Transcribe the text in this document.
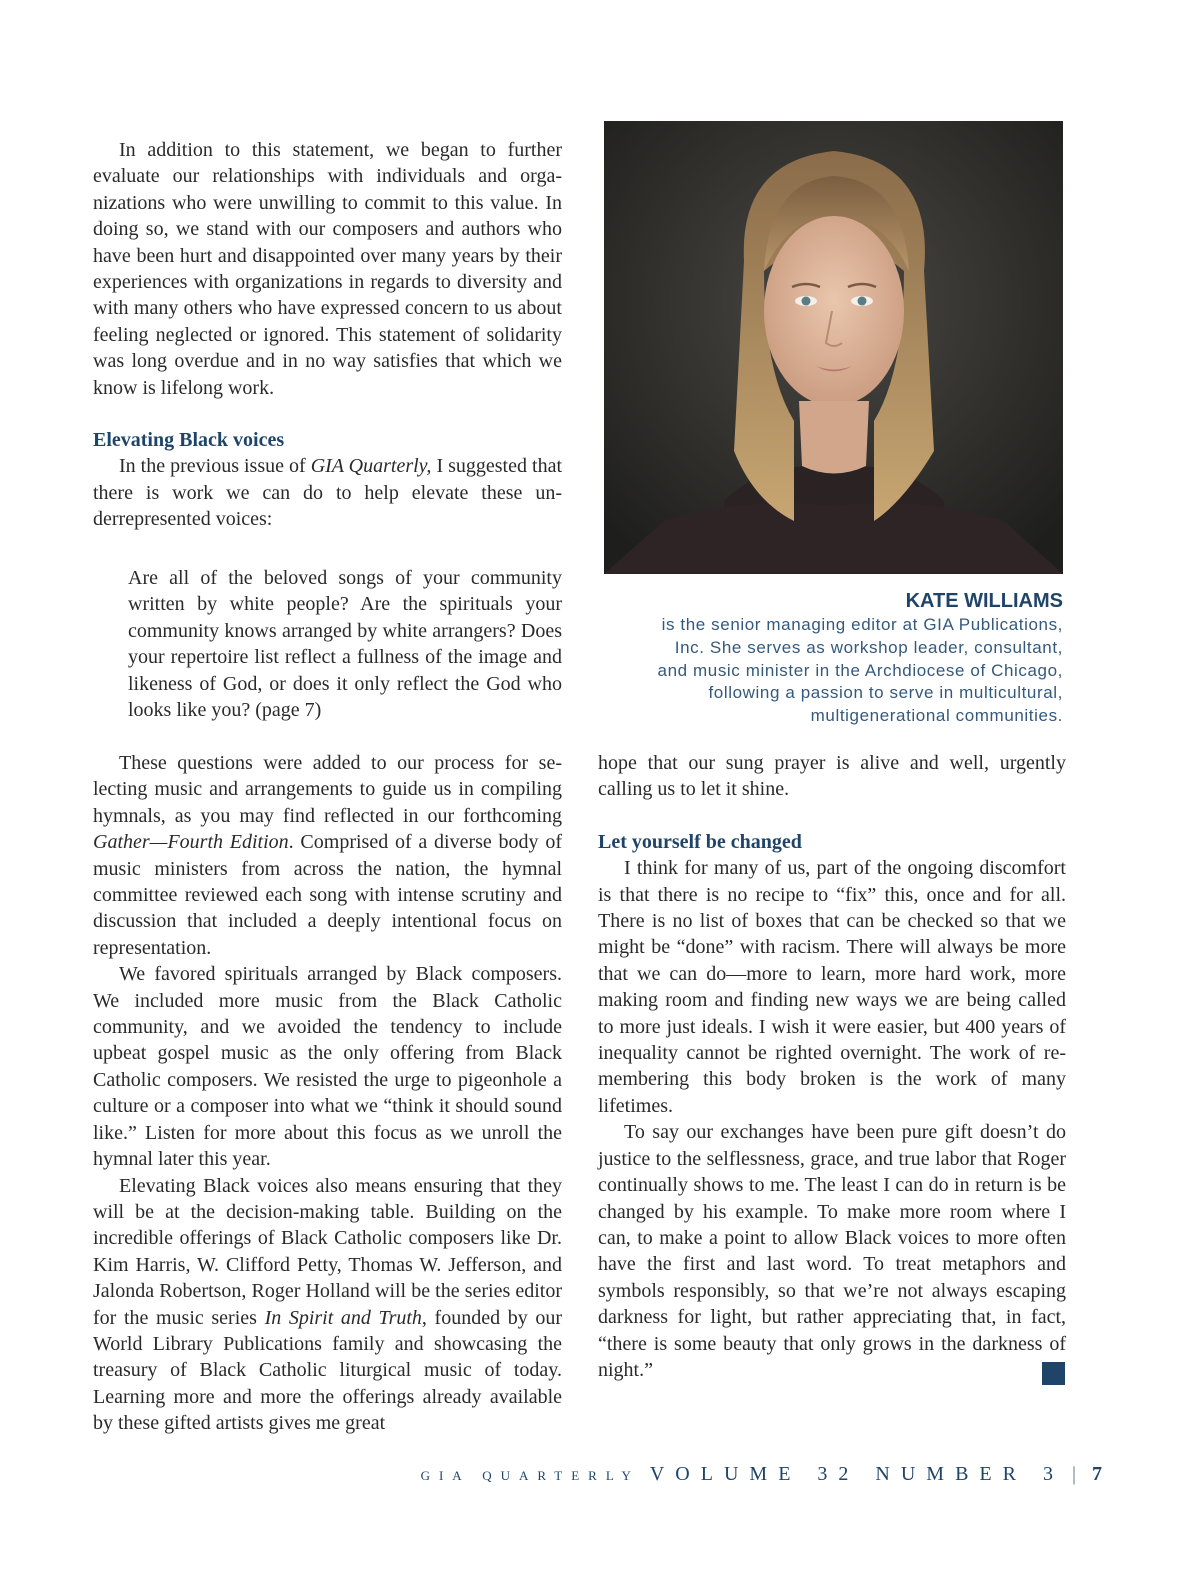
In addition to this statement, we began to further evaluate our relationships with individuals and organizations who were unwilling to commit to this value. In doing so, we stand with our composers and authors who have been hurt and disappointed over many years by their experiences with organizations in regards to diversity and with many others who have expressed concern to us about feeling neglected or ignored. This statement of solidarity was long overdue and in no way satisfies that which we know is lifelong work.

Elevating Black voices

In the previous issue of GIA Quarterly, I suggested that there is work we can do to help elevate these underrepresented voices:

Are all of the beloved songs of your community written by white people? Are the spirituals your community knows arranged by white arrangers? Does your repertoire list reflect a fullness of the image and likeness of God, or does it only reflect the God who looks like you? (page 7)

These questions were added to our process for selecting music and arrangements to guide us in compiling hymnals, as you may find reflected in our forthcoming Gather—Fourth Edition. Comprised of a diverse body of music ministers from across the nation, the hymnal committee reviewed each song with intense scrutiny and discussion that included a deeply intentional focus on representation.

We favored spirituals arranged by Black composers. We included more music from the Black Catholic community, and we avoided the tendency to include upbeat gospel music as the only offering from Black Catholic composers. We resisted the urge to pigeonhole a culture or a composer into what we “think it should sound like.” Listen for more about this focus as we unroll the hymnal later this year.

Elevating Black voices also means ensuring that they will be at the decision-making table. Building on the incredible offerings of Black Catholic composers like Dr. Kim Harris, W. Clifford Petty, Thomas W. Jefferson, and Jalonda Robertson, Roger Holland will be the series editor for the music series In Spirit and Truth, founded by our World Library Publications family and showcasing the treasury of Black Catholic liturgical music of today. Learning more and more the offerings already available by these gifted artists gives me great

KATE WILLIAMS
is the senior managing editor at GIA Publications,
Inc. She serves as workshop leader, consultant,
and music minister in the Archdiocese of Chicago,
following a passion to serve in multicultural,
multigenerational communities.

hope that our sung prayer is alive and well, urgently calling us to let it shine.

Let yourself be changed

I think for many of us, part of the ongoing discomfort is that there is no recipe to “fix” this, once and for all. There is no list of boxes that can be checked so that we might be “done” with racism. There will always be more that we can do—more to learn, more hard work, more making room and finding new ways we are being called to more just ideals. I wish it were easier, but 400 years of inequality cannot be righted overnight. The work of re-membering this body broken is the work of many lifetimes.

To say our exchanges have been pure gift doesn’t do justice to the selflessness, grace, and true labor that Roger continually shows to me. The least I can do in return is be changed by his example. To make more room where I can, to make a point to allow Black voices to more often have the first and last word. To treat metaphors and symbols responsibly, so that we’re not always escaping darkness for light, but rather appreciating that, in fact, “there is some beauty that only grows in the darkness of night.”

GIA QUARTERLY VOLUME 32 NUMBER 3 | 7
